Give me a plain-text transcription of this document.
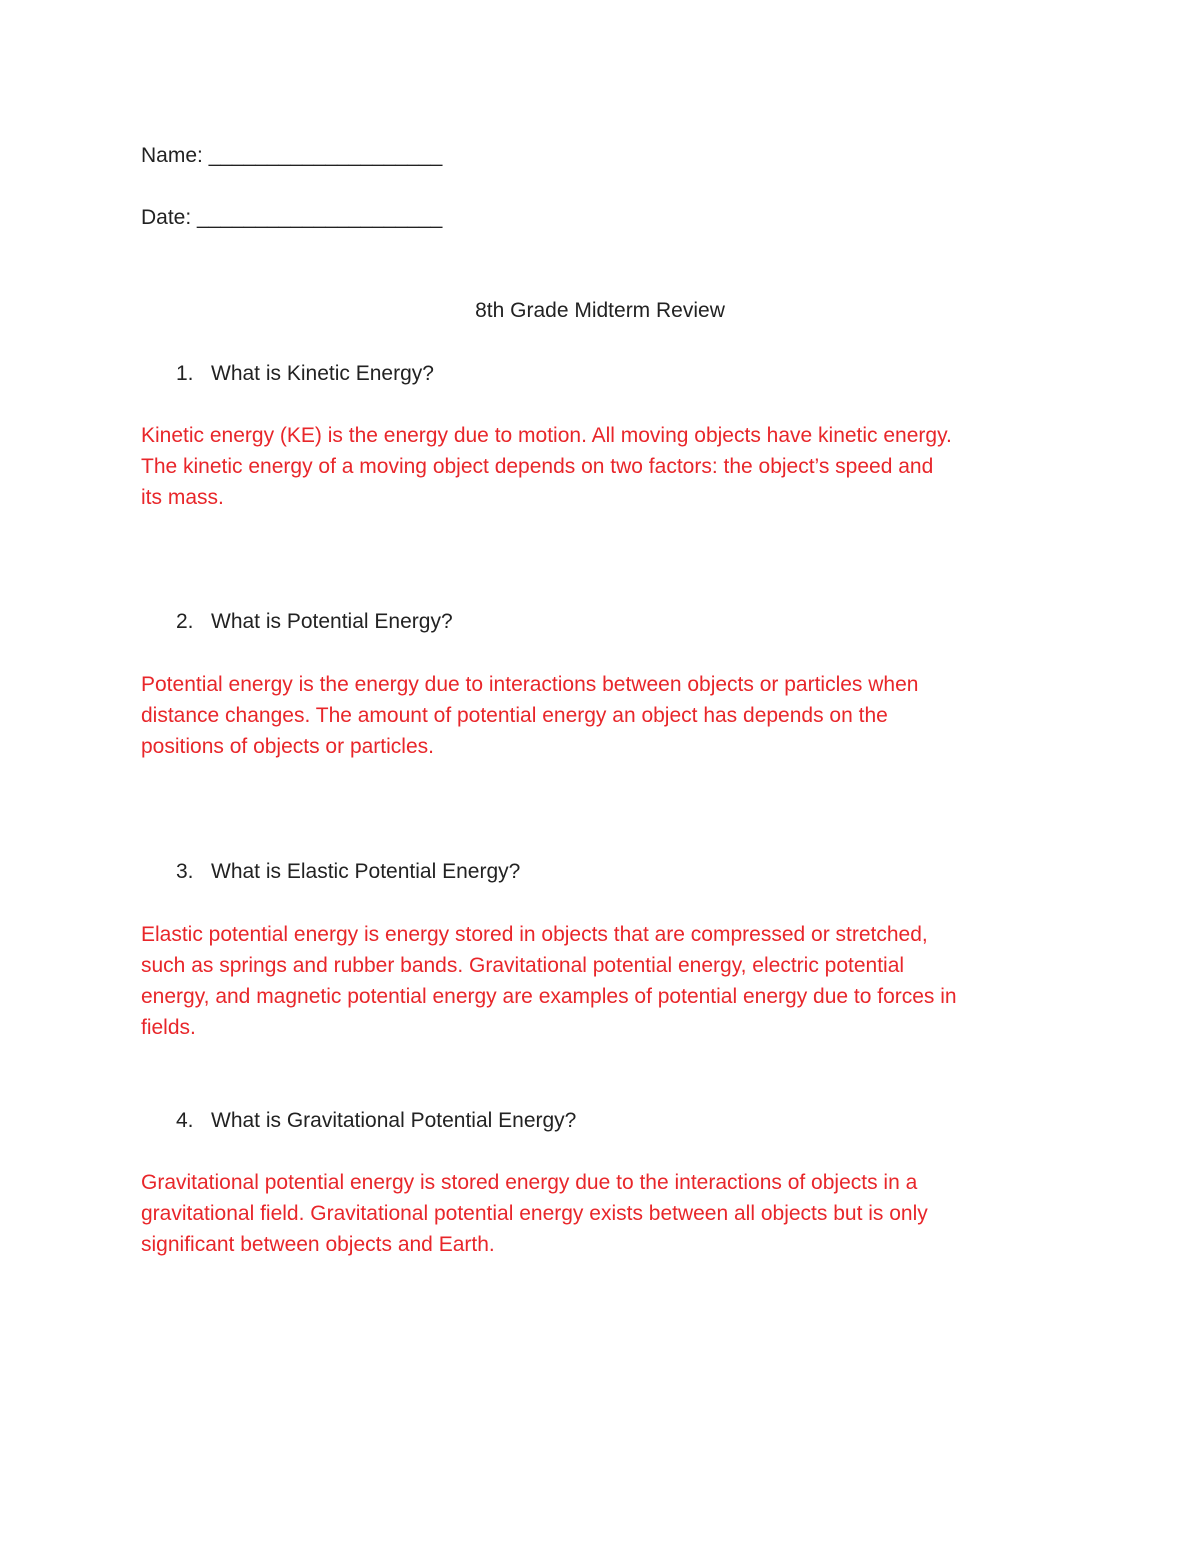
Name: ____________________
Date: _____________________
8th Grade Midterm Review
1. What is Kinetic Energy?
Kinetic energy (KE) is the energy due to motion. All moving objects have kinetic energy.
The kinetic energy of a moving object depends on two factors: the object’s speed and
its mass.
2. What is Potential Energy?
Potential energy is the energy due to interactions between objects or particles when
distance changes. The amount of potential energy an object has depends on the
positions of objects or particles.
3. What is Elastic Potential Energy?
Elastic potential energy is energy stored in objects that are compressed or stretched,
such as springs and rubber bands. Gravitational potential energy, electric potential
energy, and magnetic potential energy are examples of potential energy due to forces in
fields.
4. What is Gravitational Potential Energy?
Gravitational potential energy is stored energy due to the interactions of objects in a
gravitational field. Gravitational potential energy exists between all objects but is only
significant between objects and Earth.
